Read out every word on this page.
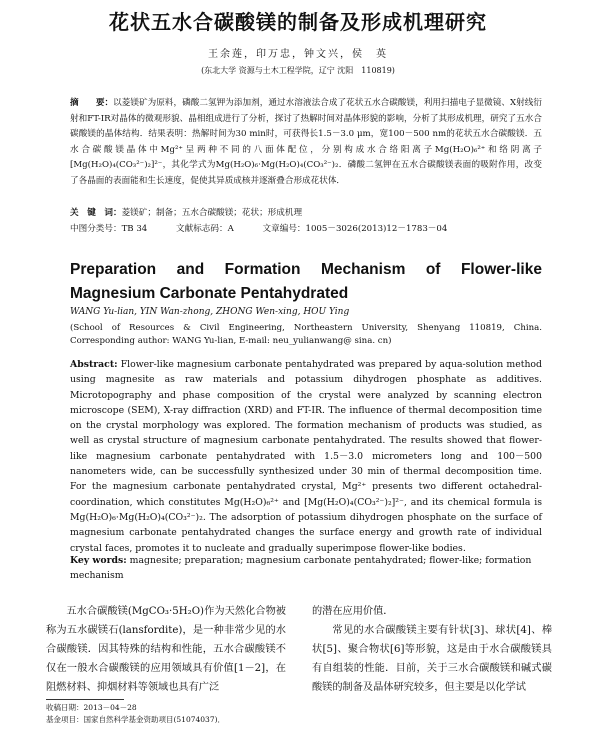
花状五水合碳酸镁的制备及形成机理研究
王余莲，印万忠，钟文兴，侯　英
(东北大学 资源与土木工程学院，辽宁 沈阳　110819)
摘　　要：以菱镁矿为原料，磷酸二氢钾为添加剂，通过水溶液法合成了花状五水合碳酸镁，利用扫描电子显微镜、X射线衍射和FT-IR对晶体的微观形貌、晶相组成进行了分析，探讨了热解时间对晶体形貌的影响，分析了其形成机理，研究了五水合碳酸镁的晶体结构．结果表明：热解时间为30 min时，可获得长1.5－3.0 μm，宽100－500 nm的花状五水合碳酸镁．五水合碳酸镁晶体中Mg²⁺呈两种不同的八面体配位，分别构成水合络阳离子Mg(H₂O)₆²⁺和络阴离子[Mg(H₂O)₄(CO₃²⁻)₂]²⁻，其化学式为Mg(H₂O)₆·Mg(H₂O)₄(CO₃²⁻)₂．磷酸二氢钾在五水合碳酸镁表面的吸附作用，改变了各晶面的表面能和生长速度，促使其异质成核并逐渐叠合形成花状体．
关　键　词：菱镁矿；制备；五水合碳酸镁；花状；形成机理
中图分类号：TB 34	文献标志码：A	文章编号：1005－3026(2013)12－1783－04
Preparation and Formation Mechanism of Flower-like
Magnesium Carbonate Pentahydrated
WANG Yu-lian, YIN Wan-zhong, ZHONG Wen-xing, HOU Ying
(School of Resources & Civil Engineering, Northeastern University, Shenyang 110819, China. Corresponding author: WANG Yu-lian, E-mail: neu_yulianwang@ sina. cn)
Abstract: Flower-like magnesium carbonate pentahydrated was prepared by aqua-solution method using magnesite as raw materials and potassium dihydrogen phosphate as additives. Microtopography and phase composition of the crystal were analyzed by scanning electron microscope (SEM), X-ray diffraction (XRD) and FT-IR. The influence of thermal decomposition time on the crystal morphology was explored. The formation mechanism of products was studied, as well as crystal structure of magnesium carbonate pentahydrated. The results showed that flower-like magnesium carbonate pentahydrated with 1.5－3.0 micrometers long and 100－500 nanometers wide, can be successfully synthesized under 30 min of thermal decomposition time. For the magnesium carbonate pentahydrated crystal, Mg²⁺ presents two different octahedral-coordination, which constitutes Mg(H₂O)₆²⁺ and [Mg(H₂O)₄(CO₃²⁻)₂]²⁻, and its chemical formula is Mg(H₂O)₆·Mg(H₂O)₄(CO₃²⁻)₂. The adsorption of potassium dihydrogen phosphate on the surface of magnesium carbonate pentahydrated changes the surface energy and growth rate of individual crystal faces, promotes it to nucleate and gradually superimpose flower-like bodies.
Key words: magnesite; preparation; magnesium carbonate pentahydrated; flower-like; formation mechanism
五水合碳酸镁(MgCO₃·5H₂O)作为天然化合物被称为五水碳镁石(lansfordite)，是一种非常少见的水合碳酸镁．因其特殊的结构和性能，五水合碳酸镁不仅在一般水合碳酸镁的应用领域具有价值[1－2]，在阻燃材料、抑烟材料等领域也具有广泛
的潜在应用价值．
常见的水合碳酸镁主要有针状[3]、球状[4]、棒状[5]、聚合物状[6]等形貌，这是由于水合碳酸镁具有自组装的性能．目前，关于三水合碳酸镁和碱式碳酸镁的制备及晶体研究较多，但主要是以化学试
收稿日期：2013－04－28
基金项目：国家自然科学基金资助项目(51074037)．
